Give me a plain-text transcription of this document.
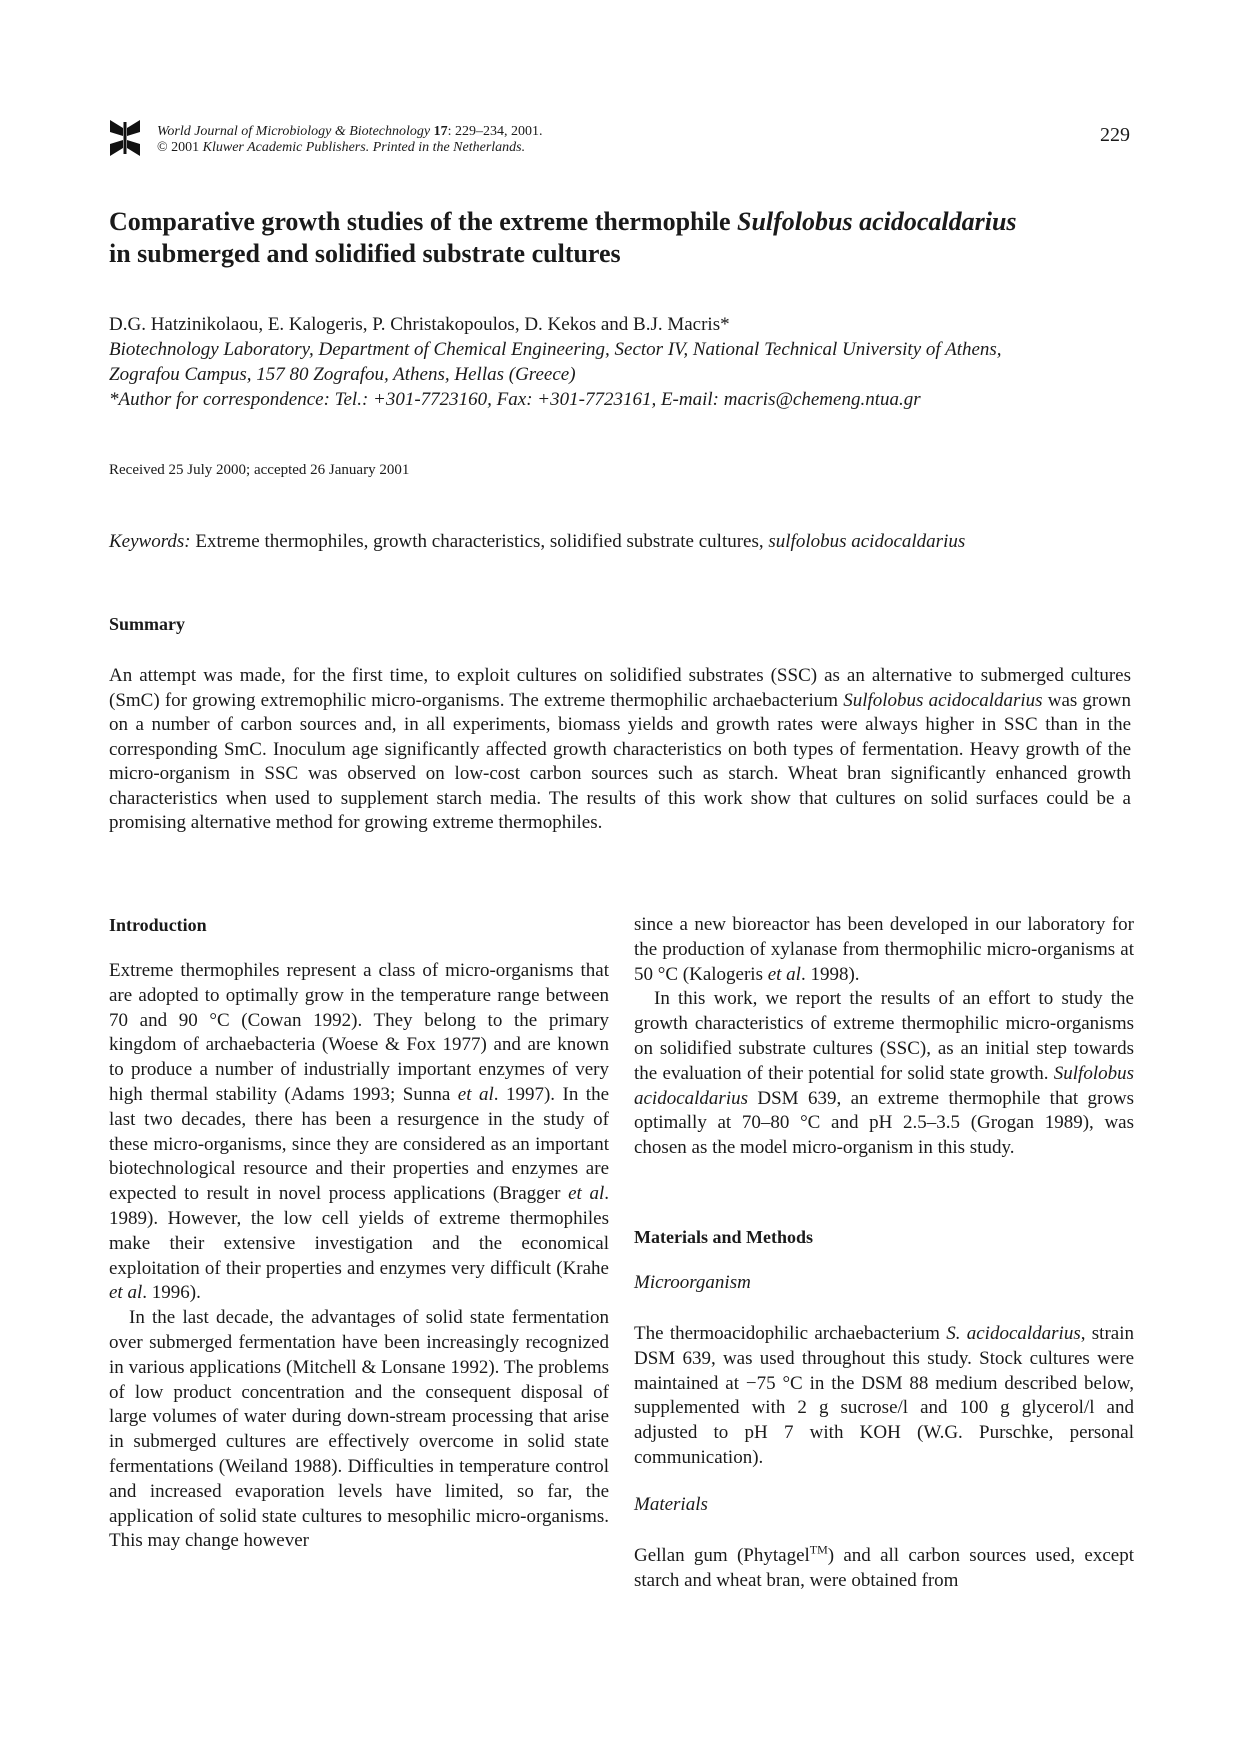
World Journal of Microbiology & Biotechnology 17: 229–234, 2001.
© 2001 Kluwer Academic Publishers. Printed in the Netherlands.
229
Comparative growth studies of the extreme thermophile Sulfolobus acidocaldarius
in submerged and solidified substrate cultures
D.G. Hatzinikolaou, E. Kalogeris, P. Christakopoulos, D. Kekos and B.J. Macris*
Biotechnology Laboratory, Department of Chemical Engineering, Sector IV, National Technical University of Athens,
Zografou Campus, 157 80 Zografou, Athens, Hellas (Greece)
*Author for correspondence: Tel.: +301-7723160, Fax: +301-7723161, E-mail: macris@chemeng.ntua.gr
Received 25 July 2000; accepted 26 January 2001
Keywords: Extreme thermophiles, growth characteristics, solidified substrate cultures, sulfolobus acidocaldarius
Summary

An attempt was made, for the first time, to exploit cultures on solidified substrates (SSC) as an alternative to submerged cultures (SmC) for growing extremophilic micro-organisms. The extreme thermophilic archaebacterium Sulfolobus acidocaldarius was grown on a number of carbon sources and, in all experiments, biomass yields and growth rates were always higher in SSC than in the corresponding SmC. Inoculum age significantly affected growth characteristics on both types of fermentation. Heavy growth of the micro-organism in SSC was observed on low-cost carbon sources such as starch. Wheat bran significantly enhanced growth characteristics when used to supplement starch media. The results of this work show that cultures on solid surfaces could be a promising alternative method for growing extreme thermophiles.

Introduction

Extreme thermophiles represent a class of micro-organisms that are adopted to optimally grow in the temperature range between 70 and 90 °C (Cowan 1992). They belong to the primary kingdom of archaebacteria (Woese & Fox 1977) and are known to produce a number of industrially important enzymes of very high thermal stability (Adams 1993; Sunna et al. 1997). In the last two decades, there has been a resurgence in the study of these micro-organisms, since they are considered as an important biotechnological resource and their properties and enzymes are expected to result in novel process applications (Bragger et al. 1989). However, the low cell yields of extreme thermophiles make their extensive investigation and the economical exploitation of their properties and enzymes very difficult (Krahe et al. 1996).

In the last decade, the advantages of solid state fermentation over submerged fermentation have been increasingly recognized in various applications (Mitchell & Lonsane 1992). The problems of low product concentration and the consequent disposal of large volumes of water during down-stream processing that arise in submerged cultures are effectively overcome in solid state fermentations (Weiland 1988). Difficulties in temperature control and increased evaporation levels have limited, so far, the application of solid state cultures to mesophilic micro-organisms. This may change however

since a new bioreactor has been developed in our laboratory for the production of xylanase from thermophilic micro-organisms at 50 °C (Kalogeris et al. 1998).

In this work, we report the results of an effort to study the growth characteristics of extreme thermophilic micro-organisms on solidified substrate cultures (SSC), as an initial step towards the evaluation of their potential for solid state growth. Sulfolobus acidocaldarius DSM 639, an extreme thermophile that grows optimally at 70–80 °C and pH 2.5–3.5 (Grogan 1989), was chosen as the model micro-organism in this study.

Materials and Methods
Microorganism

The thermoacidophilic archaebacterium S. acidocaldarius, strain DSM 639, was used throughout this study. Stock cultures were maintained at −75 °C in the DSM 88 medium described below, supplemented with 2 g sucrose/l and 100 g glycerol/l and adjusted to pH 7 with KOH (W.G. Purschke, personal communication).

Materials

Gellan gum (Phytagel™) and all carbon sources used, except starch and wheat bran, were obtained from
